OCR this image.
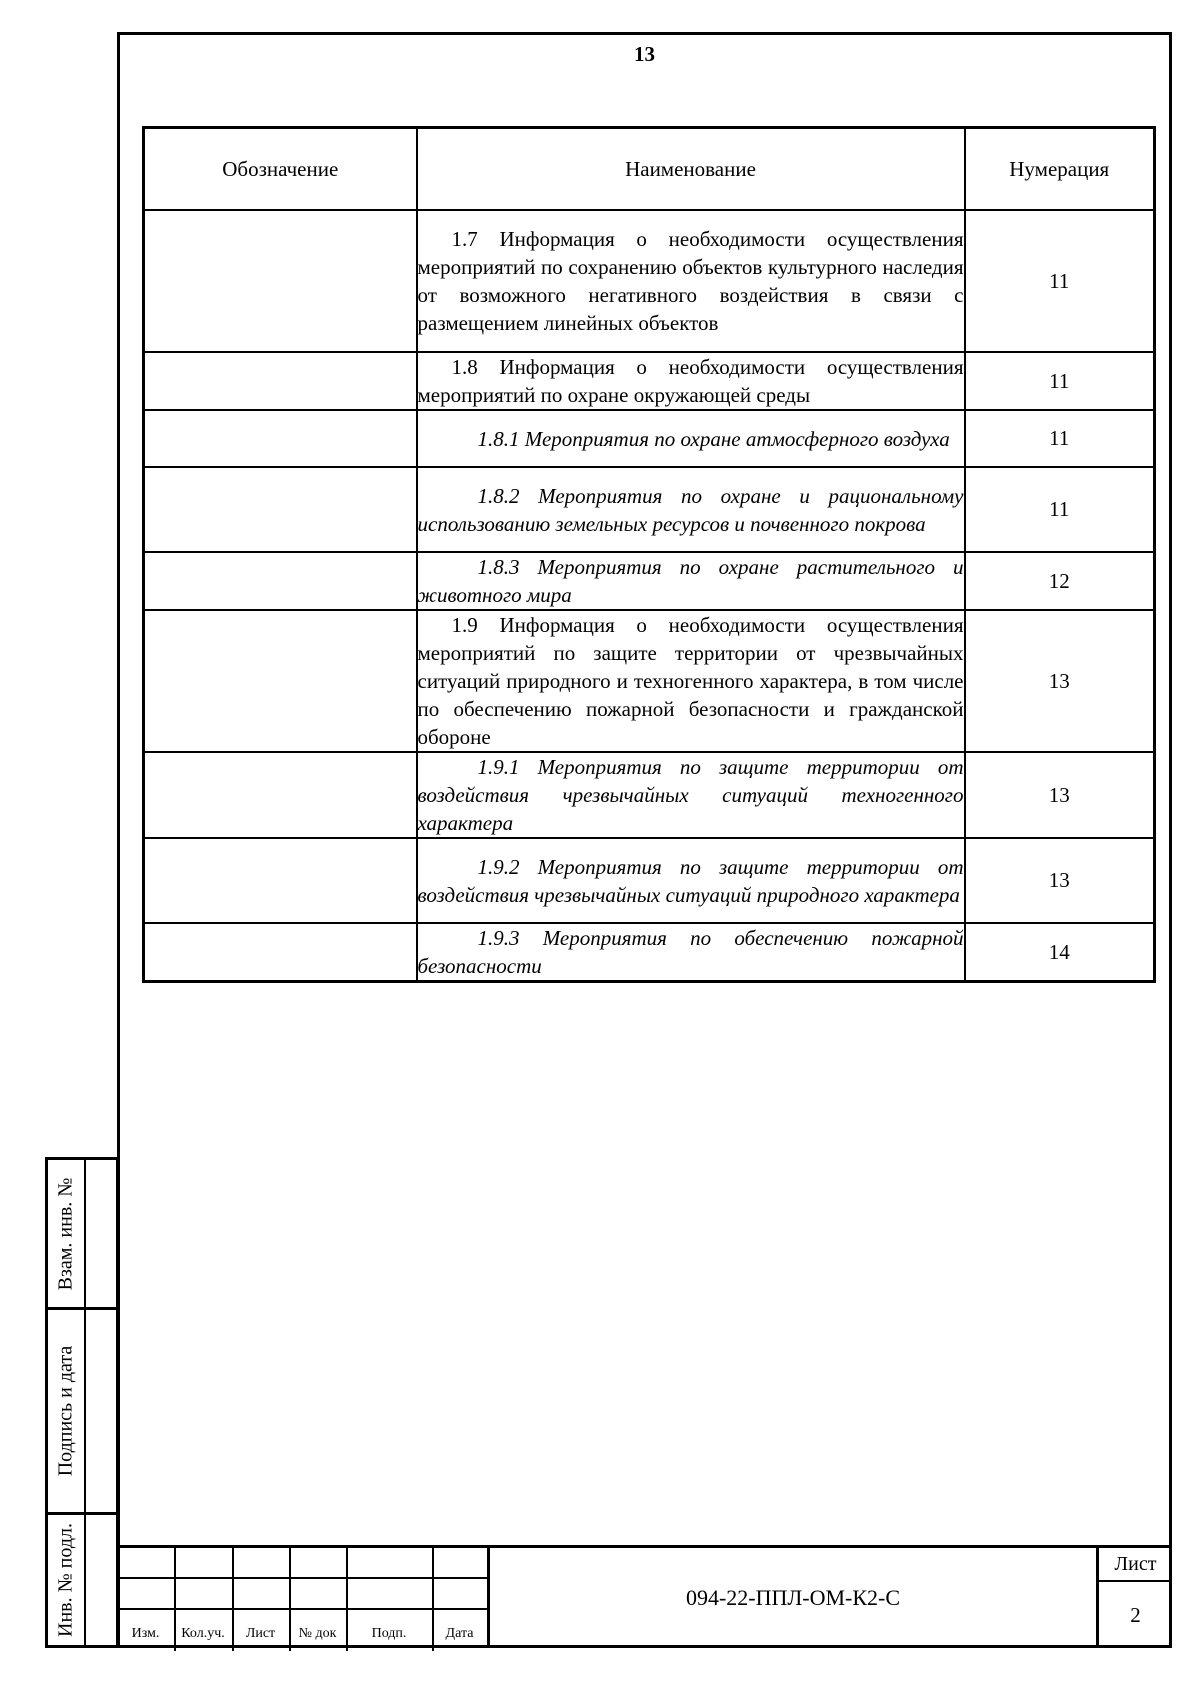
13
Обозначение	Наименование	Нумерация
	1.7 Информация о необходимости осуществления мероприятий по сохранению объектов культурного наследия от возможного негативного воздействия в связи с размещением линейных объектов	11
	1.8 Информация о необходимости осуществления мероприятий по охране окружающей среды	11
	1.8.1 Мероприятия по охране атмосферного воздуха	11
	1.8.2 Мероприятия по охране и рациональному использованию земельных ресурсов и почвенного покрова	11
	1.8.3 Мероприятия по охране растительного и животного мира	12
	1.9 Информация о необходимости осуществления мероприятий по защите территории от чрезвычайных ситуаций природного и техногенного характера, в том числе по обеспечению пожарной безопасности и гражданской обороне	13
	1.9.1 Мероприятия по защите территории от воздействия чрезвычайных ситуаций техногенного характера	13
	1.9.2 Мероприятия по защите территории от воздействия чрезвычайных ситуаций природного характера	13
	1.9.3 Мероприятия по обеспечению пожарной безопасности	14
Взам. инв. №
Подпись и дата
Инв. № подл.	Изм.	Кол.уч.	Лист	№ док	Подп.	Дата
094-22-ППЛ-ОМ-К2-С
Лист
2
